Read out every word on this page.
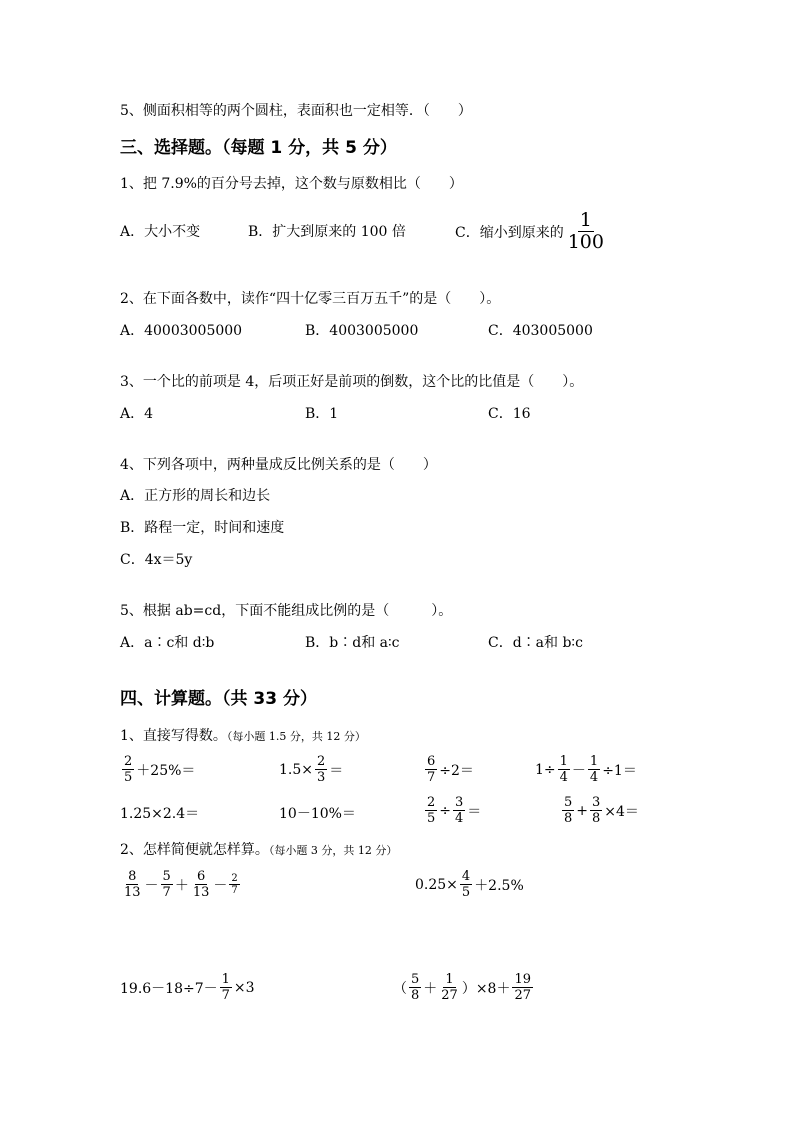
5、侧面积相等的两个圆柱，表面积也一定相等．（　　）
三、选择题。（每题 1 分，共 5 分）
1、把 7.9%的百分号去掉，这个数与原数相比（　　）
A．大小不变	B．扩大到原来的 100 倍	C．缩小到原来的 $\frac{1}{100}$
2、在下面各数中，读作“四十亿零三百万五千”的是（　　）。
A．40003005000	B．4003005000	C．403005000
3、一个比的前项是 4，后项正好是前项的倒数，这个比的比值是（　　）。
A．4	B．1	C．16
4、下列各项中，两种量成反比例关系的是（　　）
A．正方形的周长和边长
B．路程一定，时间和速度
C．4x＝5y
5、根据 ab=cd，下面不能组成比例的是（　　　）。
A．a∶c和 d∶b	B．b∶d和 a∶c	C．d∶a和 b∶c
四、计算题。（共 33 分）
1、直接写得数。（每小题 1.5 分，共 12 分）
$\frac{2}{5} +25\%=$	$1.5\times \frac{2}{3}$ ＝	$\frac{6}{7} \div 2=$	$1\div \frac{1}{4} - \frac{1}{4} \div 1=$
1.25×2.4＝	10－10%＝	$\frac{2}{5} \div \frac{3}{4}$ ＝	$\frac{5}{8} + \frac{3}{8} \times 4=$
2、怎样简便就怎样算。（每小题 3 分，共 12 分）
$\frac{8}{13} - \frac{5}{7} + \frac{6}{13} - \frac{2}{7}$	$0.25\times \frac{4}{5} +2.5\%$
$19.6-18\div 7- \frac{1}{7} \times 3$	（ $\frac{5}{8} + \frac{1}{27} )\times 8+ \frac{19}{27}$
